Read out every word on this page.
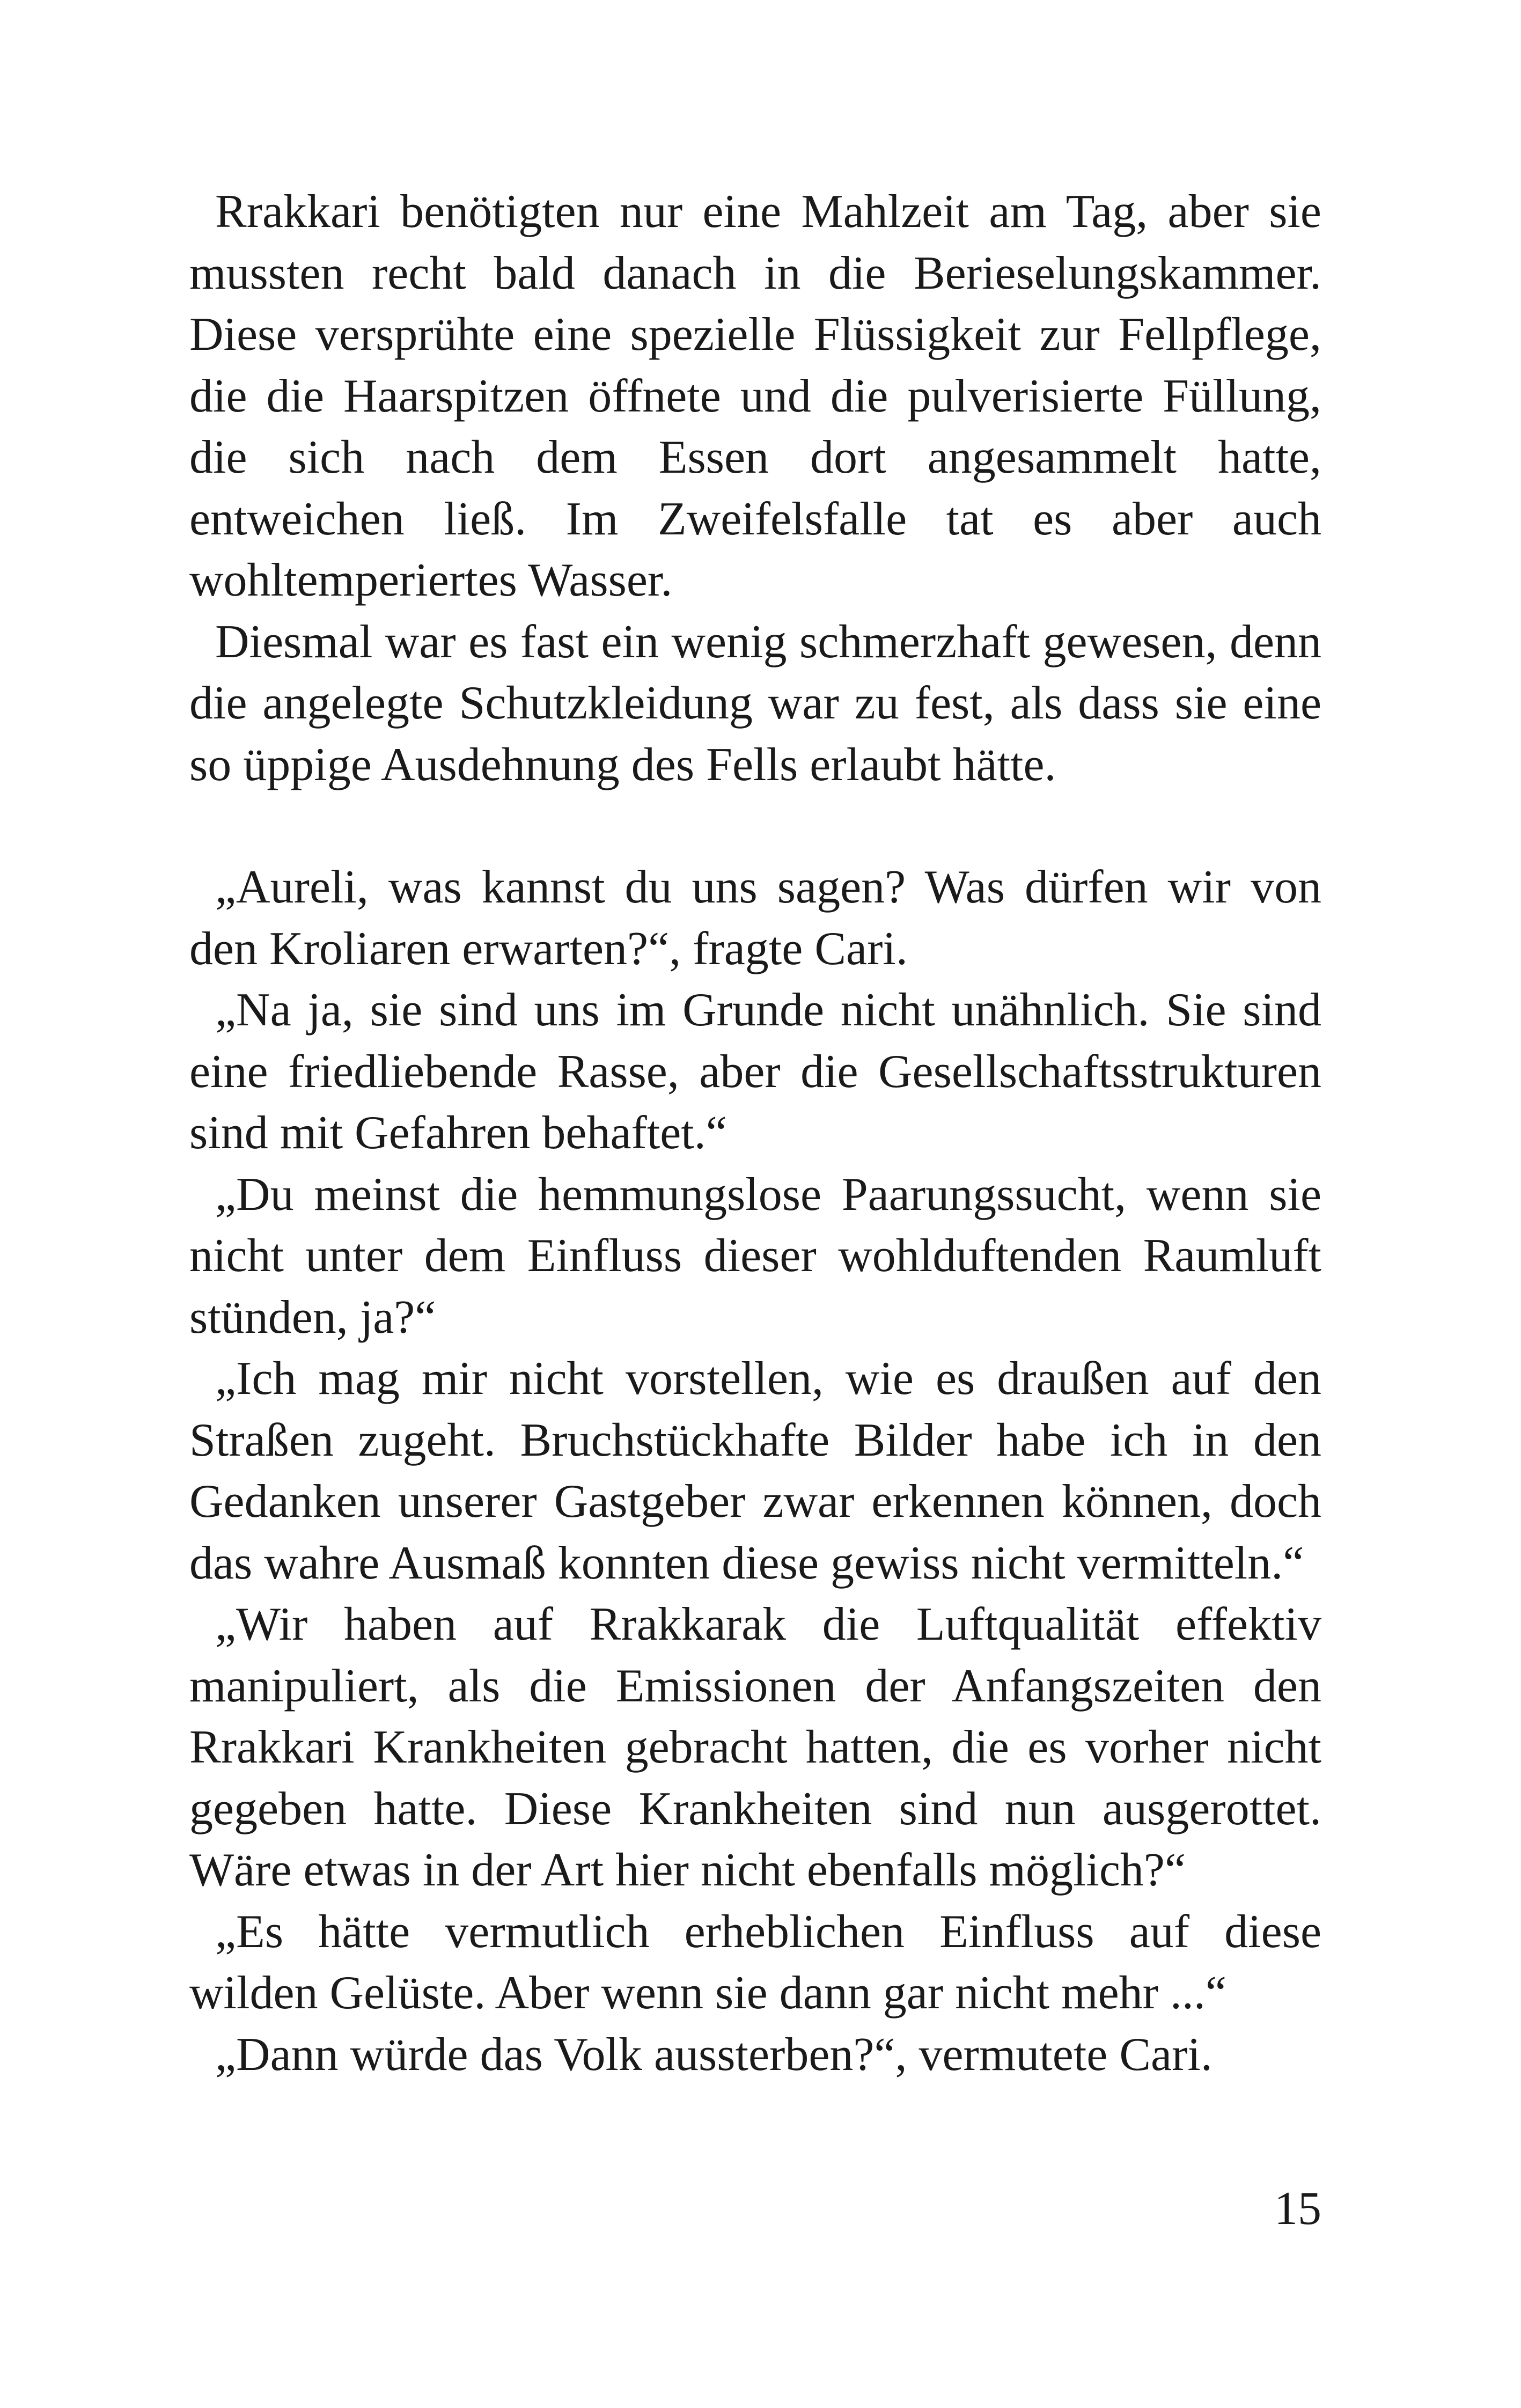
Rrakkari benötigten nur eine Mahlzeit am Tag, aber sie mussten recht bald danach in die Berieselungskammer. Diese versprühte eine spezielle Flüssigkeit zur Fellpflege, die die Haarspitzen öffnete und die pulverisierte Füllung, die sich nach dem Essen dort angesammelt hatte, entweichen ließ. Im Zweifelsfalle tat es aber auch wohltemperiertes Wasser.

Diesmal war es fast ein wenig schmerzhaft gewesen, denn die angelegte Schutzkleidung war zu fest, als dass sie eine so üppige Ausdehnung des Fells erlaubt hätte.

„Aureli, was kannst du uns sagen? Was dürfen wir von den Kroliaren erwarten?“, fragte Cari.

„Na ja, sie sind uns im Grunde nicht unähnlich. Sie sind eine friedliebende Rasse, aber die Gesellschaftsstrukturen sind mit Gefahren behaftet.“

„Du meinst die hemmungslose Paarungssucht, wenn sie nicht unter dem Einfluss dieser wohlduftenden Raumluft stünden, ja?“

„Ich mag mir nicht vorstellen, wie es draußen auf den Straßen zugeht. Bruchstückhafte Bilder habe ich in den Gedanken unserer Gastgeber zwar erkennen können, doch das wahre Ausmaß konnten diese gewiss nicht vermitteln.“

„Wir haben auf Rrakkarak die Luftqualität effektiv manipuliert, als die Emissionen der Anfangszeiten den Rrakkari Krankheiten gebracht hatten, die es vorher nicht gegeben hatte. Diese Krankheiten sind nun ausgerottet. Wäre etwas in der Art hier nicht ebenfalls möglich?“

„Es hätte vermutlich erheblichen Einfluss auf diese wilden Gelüste. Aber wenn sie dann gar nicht mehr ...“

„Dann würde das Volk aussterben?“, vermutete Cari.

15
